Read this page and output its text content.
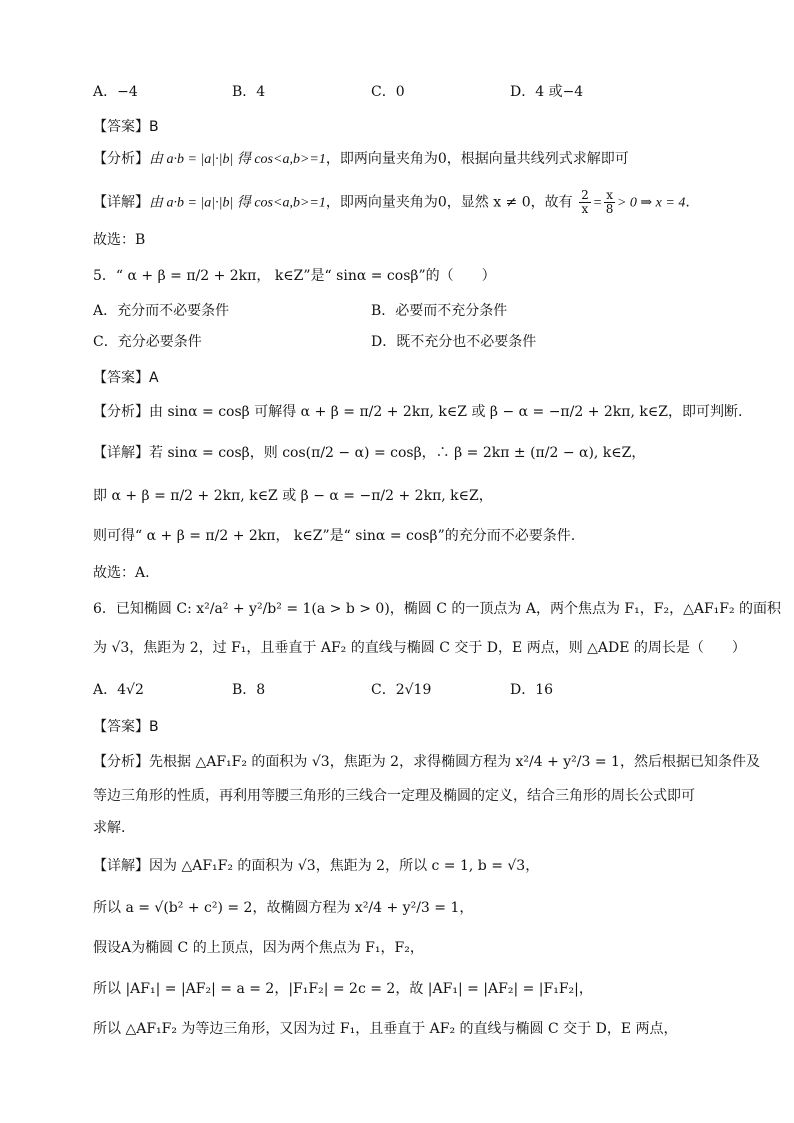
A．−4	B．4	C．0	D．4 或−4
【答案】B
【分析】由 a·b = |a|·|b| 得 cos<a,b>=1，即两向量夹角为0，根据向量共线列式求解即可
【详解】由 a·b = |a|·|b| 得 cos<a,b>=1，即两向量夹角为0，显然 x ≠ 0，故有 $\frac{2}{x} = \frac{x}{8} > 0$ ⇒ x = 4.
故选：B
5．“ α + β = π/2 + 2kπ， k∈Z”是“ sinα = cosβ”的（　　）
A．充分而不必要条件	B．必要而不充分条件
C．充分必要条件	D．既不充分也不必要条件
【答案】A
【分析】由 sinα = cosβ 可解得 α + β = π/2 + 2kπ, k∈Z 或 β − α = −π/2 + 2kπ, k∈Z，即可判断.
【详解】若 sinα = cosβ，则 cos(π/2 − α) = cosβ，∴ β = 2kπ ± (π/2 − α), k∈Z，
即 α + β = π/2 + 2kπ, k∈Z 或 β − α = −π/2 + 2kπ, k∈Z，
则可得“ α + β = π/2 + 2kπ， k∈Z”是“ sinα = cosβ”的充分而不必要条件.
故选：A.
6．已知椭圆 C: x²/a² + y²/b² = 1(a > b > 0)，椭圆 C 的一顶点为 A，两个焦点为 F₁，F₂，△AF₁F₂ 的面积
为 √3，焦距为 2，过 F₁，且垂直于 AF₂ 的直线与椭圆 C 交于 D，E 两点，则 △ADE 的周长是（　　）
A．4√2	B．8	C．2√19	D．16
【答案】B
【分析】先根据 △AF₁F₂ 的面积为 √3，焦距为 2，求得椭圆方程为 x²/4 + y²/3 = 1，然后根据已知条件及
等边三角形的性质，再利用等腰三角形的三线合一定理及椭圆的定义，结合三角形的周长公式即可
求解.
【详解】因为 △AF₁F₂ 的面积为 √3，焦距为 2，所以 c = 1, b = √3，
所以 a = √(b² + c²) = 2，故椭圆方程为 x²/4 + y²/3 = 1，
假设A为椭圆 C 的上顶点，因为两个焦点为 F₁，F₂，
所以 |AF₁| = |AF₂| = a = 2，|F₁F₂| = 2c = 2，故 |AF₁| = |AF₂| = |F₁F₂|，
所以 △AF₁F₂ 为等边三角形，又因为过 F₁，且垂直于 AF₂ 的直线与椭圆 C 交于 D，E 两点，
